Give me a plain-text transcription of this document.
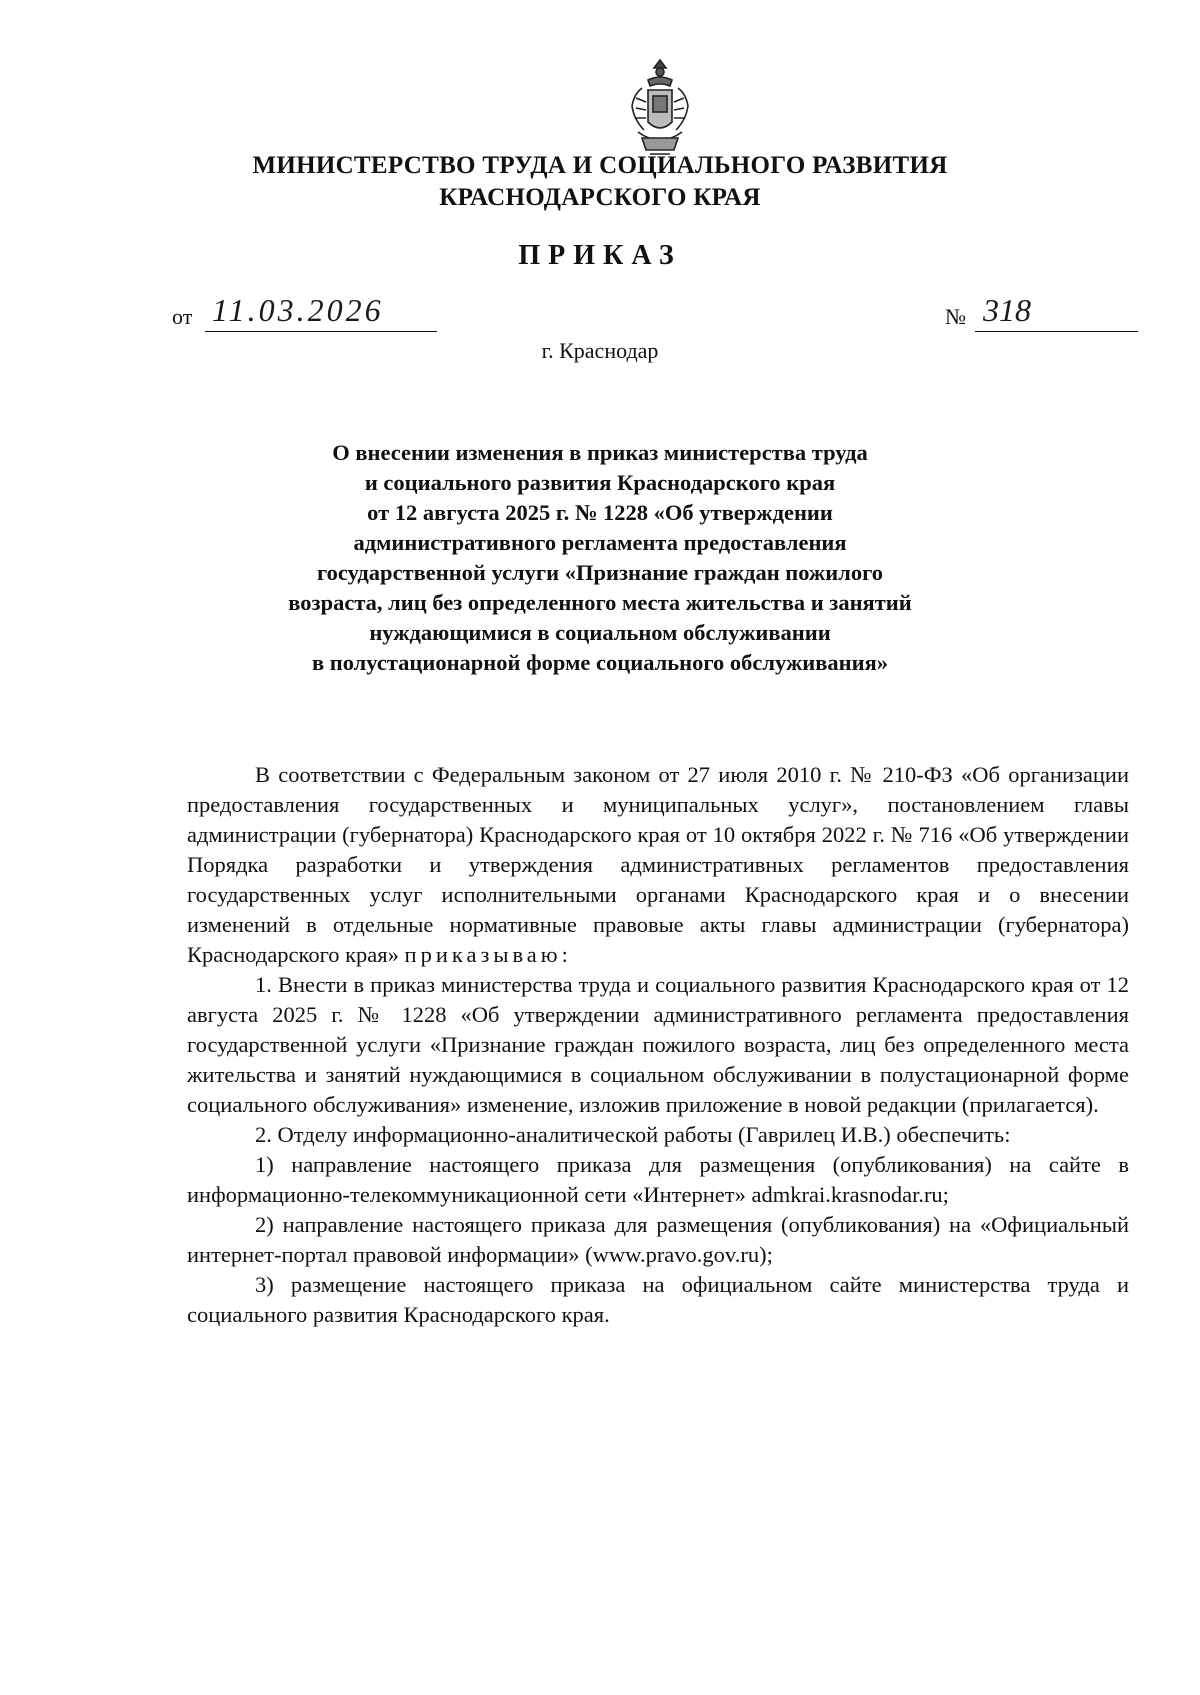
МИНИСТЕРСТВО ТРУДА И СОЦИАЛЬНОГО РАЗВИТИЯ
КРАСНОДАРСКОГО КРАЯ
ПРИКАЗ
от 11.03.2026	№ 318
г. Краснодар
О внесении изменения в приказ министерства труда
и социального развития Краснодарского края
от 12 августа 2025 г. № 1228 «Об утверждении
административного регламента предоставления
государственной услуги «Признание граждан пожилого
возраста, лиц без определенного места жительства и занятий
нуждающимися в социальном обслуживании
в полустационарной форме социального обслуживания»

В соответствии с Федеральным законом от 27 июля 2010 г. № 210-ФЗ «Об организации предоставления государственных и муниципальных услуг», постановлением главы администрации (губернатора) Краснодарского края от 10 октября 2022 г. № 716 «Об утверждении Порядка разработки и утверждения административных регламентов предоставления государственных услуг исполнительными органами Краснодарского края и о внесении изменений в отдельные нормативные правовые акты главы администрации (губернатора) Краснодарского края» приказываю:

1. Внести в приказ министерства труда и социального развития Краснодарского края от 12 августа 2025 г. № 1228 «Об утверждении административного регламента предоставления государственной услуги «Признание граждан пожилого возраста, лиц без определенного места жительства и занятий нуждающимися в социальном обслуживании в полустационарной форме социального обслуживания» изменение, изложив приложение в новой редакции (прилагается).

2. Отделу информационно-аналитической работы (Гаврилец И.В.) обеспечить:

1) направление настоящего приказа для размещения (опубликования) на сайте в информационно-телекоммуникационной сети «Интернет» admkrai.krasnodar.ru;

2) направление настоящего приказа для размещения (опубликования) на «Официальный интернет-портал правовой информации» (www.pravo.gov.ru);

3) размещение настоящего приказа на официальном сайте министерства труда и социального развития Краснодарского края.
